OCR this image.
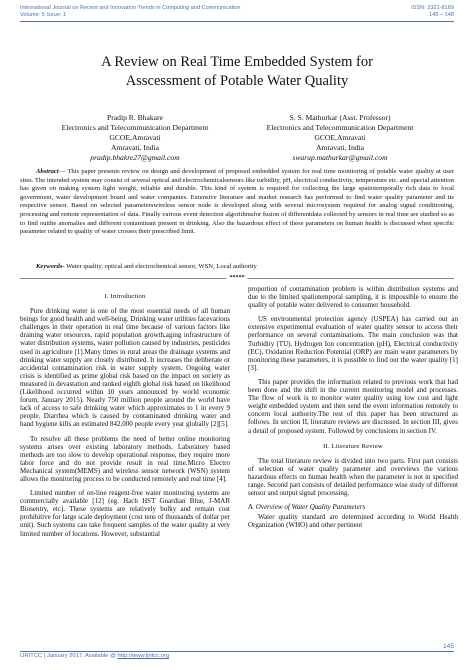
International Journal on Recent and Innovation Trends in Computing and Communication
Volume: 5 Issue: 1
ISSN: 2321-8169
145 – 148
A Review on Real Time Embedded System for
Asscessment of Potable Water Quality
Pradip R. Bhakare
Electronics and Telecommunication Department
GCOE,Amravati
Amravati, India
pradip.bhakre27@gmail.com
S. S. Mathurkar (Asst. Professor)
Electronics and Telecommunication Department
GCOE,Amravati
Amravati, India
swarup.mathurkar@gmail.com
Abstract— This paper presents review on design and development of proposed embedded system for real time monitoring of potable water quality at user sites. The intended system may consist of several optical and electrochemicalsensors like turbidity, pH, electrical conductivity, temperature etc. and special attention has given on making system light weight, reliable and durable. This kind of system is required for collecting the large spatiotemporally rich data to local government, water development board and water companies. Extensive literature and market research has performed to find water quality parameter and its respective sensor. Based on selected parameterswireless sensor node is developed along with several microsystem required for analog signal conditioning, processing and remote representation of data. Finally various event detection algorithmsfor fusion of differentdata collected by sensors in real time are studied so as to find outthe anomalies and different contaminant present in drinking. Also the hazardous effect of these parameters on human health is discussed when specific parameter related to quality of water crosses their prescribed limit.
Keywords- Water quality, optical and electrochemical sensor, WSN, Local authority
*****
I. Introduction

Pure drinking water is one of the most essential needs of all human beings for good health and well-being. Drinking water utilities facevarious challenges in their operation in real time because of various factors like draining water resources, rapid population growth,aging infrastructure of water distribution systems, water pollution caused by industries, pesticides used in agriculture [1].Many times in rural areas the drainage systems and drinking water supply are closely distributed. It increases the deliberate or accidental contamination risk in water supply system. Ongoing water crisis is identified as prime global risk based on the impact on society as measured in devastation and ranked eighth global risk based on likelihood (Likelihood occurred within 10 years announced by world economic forum, January 2015). Nearly 750 million people around the world have lack of access to safe drinking water which approximates to 1 in every 9 people. Diarrhea which is caused by contaminated drinking water and hand hygiene kills an estimated 842,000 people every year globally [2][5].

To resolve all these problems the need of better online monitoring systems arises over existing laboratory methods. Laboratory based methods are too slow to develop operational response, they require more labor force and do not provide result in real time.Micro Electro Mechanical system(MEMS) and wireless sensor network (WSN) system allows the monitoring process to be conducted remotely and real time [4].

Limited number of on-line reagent-free water monitoring systems are commercially available [12] (eg. Hach HST Guardian Blue, J-MAR Biosentry, etc). These systems are relatively bulky and remain cost prohibitive for large scale deployment (cost tens of thousands of dollar per unit). Such systems can take frequent samples of the water quality at very limited number of locations. However, substantial

proportion of contamination problem is within distribution systems and due to the limited spatiotemporal sampling, it is impossible to ensure the quality of potable water delivered to consumer household.

US environmental protection agency (USPEA) has carried out an extensive experimental evaluation of water quality sensor to access their performance on several contaminations. The main conclusion was that Turbidity (TU), Hydrogen Ion concentration (pH), Electrical conductivity (EC), Oxidation Reduction Potential (ORP) are main water parameters by monitoring these parameters, it is possible to find out the water quality [1][3].

This paper provides the information related to previous work that had been done and the shift in the current monitoring model and processes. The flow of work is to monitor water quality using low cost and light weight embedded system and then send the event information remotely to concern local authority.The rest of this paper has been structured as follows. In section II, literature reviews are discussed. In section III, gives a detail of proposed system. Followed by conclusions in section IV.

II. Literature Review

The total literature review is divided into two parts. First part consists of selection of water quality parameter and overviews the various hazardous effects on human health when the parameter is not in specified range. Second part consists of detailed performance wise study of different sensor and output signal processing.

A. Overview of Water Quality Parameters

Water quality standard are determined according to World Health Organization (WHO) and other pertinent

145
IJRITCC | January 2017, Available @ http://www.ijritcc.org
